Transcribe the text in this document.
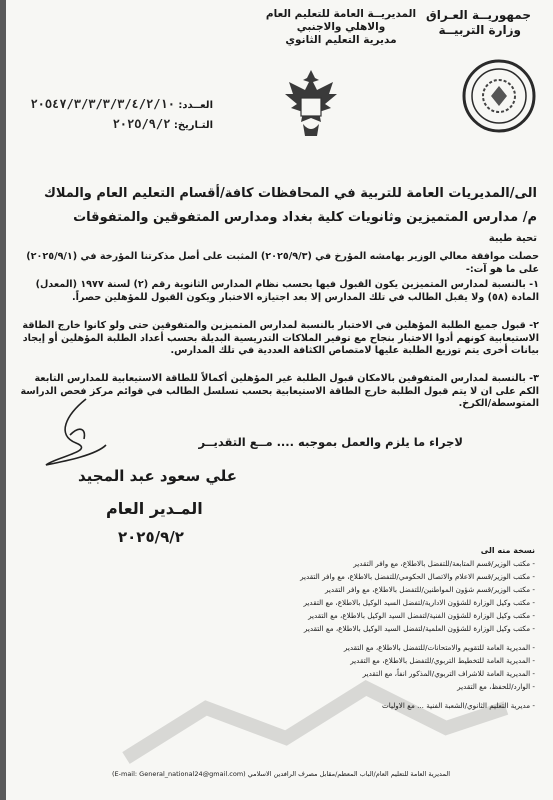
جمهوريــة العـراق
وزارة التربيــة
المديريــة العامة للتعليم العام
والاهلي والاجنبي
مديرية التعليم الثانوي
العــدد: ٢٠٥٤٧/٣/٣/٣/٣/٤/٢/١٠
التـاريخ: ٢٠٢٥/٩/٢
الى/المديريات العامة للتربية في المحافظات كافة/أقسام التعليم العام والملاك
م/ مدارس المتميزين وثانويات كلية بغداد ومدارس المتفوقين والمتفوقات
تحية طيبة
حصلت موافقة معالي الوزير بهامشه المؤرخ في (٢٠٢٥/٩/٣) المثبت على أصل مذكرتنا المؤرخة في (٢٠٢٥/٩/١) على ما هو آت:-
١- بالنسبة لمدارس المتميزين يكون القبول فيها بحسب نظام المدارس الثانوية رقم (٢) لسنة ١٩٧٧ (المعدل) المادة (٥٨) ولا يقبل الطالب في تلك المدارس إلا بعد اجتيازه الاختبار ويكون القبول للمؤهلين حصراً.
٢- قبول جميع الطلبة المؤهلين في الاختبار بالنسبة لمدارس المتميزين والمتفوقين حتى ولو كانوا خارج الطاقة الاستيعابية كونهم أدوا الاختبار بنجاح مع توفير الملاكات التدريسية البديلة بحسب أعداد الطلبة المؤهلين أو إيجاد بيانات أخرى يتم توزيع الطلبة عليها لامتصاص الكثافة العددية في تلك المدارس.
٣- بالنسبة لمدارس المتفوقين بالامكان قبول الطلبة غير المؤهلين أكمالاً للطاقة الاستيعابية للمدارس التابعة الكم على ان لا يتم قبول الطلبة خارج الطاقة الاستيعابية بحسب تسلسل الطالب في قوائم مركز فحص الدراسة المتوسطة/الكرخ.
لاجراء ما يلزم والعمل بموجبه .... مــع التقديــر
علي سعود عبد المجيد
المـدير العام
٢٠٢٥/٩/٢
نسخة منه الى
- مكتب الوزير/قسم المتابعة/للتفضل بالاطلاع، مع وافر التقدير
- مكتب الوزير/قسم الاعلام والاتصال الحكومي/للتفضل بالاطلاع، مع وافر التقدير
- مكتب الوزير/قسم شؤون المواطنين/للتفضل بالاطلاع، مع وافر التقدير
- مكتب وكيل الوزارة للشؤون الادارية/لتفضل السيد الوكيل بالاطلاع، مع التقدير
- مكتب وكيل الوزارة للشؤون الفنية/لتفضل السيد الوكيل بالاطلاع، مع التقدير
- مكتب وكيل الوزارة للشؤون العلمية/لتفضل السيد الوكيل بالاطلاع، مع التقدير
- المديرية العامة للتقويم والامتحانات/للتفضل بالاطلاع، مع التقدير
- المديرية العامة للتخطيط التربوي/للتفضل بالاطلاع، مع التقدير
- المديرية العامة للاشراف التربوي/المذكور انفاً، مع التقدير
- الوارد/للحفظ، مع التقدير
- مديرية التعليم الثانوي/الشعبة الفنية ... مع الاوليات
المديرية العامة للتعليم العام/الباب المعظم/مقابل مصرف الرافدين الاسلامي (E-mail: General_national24@gmail.com)
